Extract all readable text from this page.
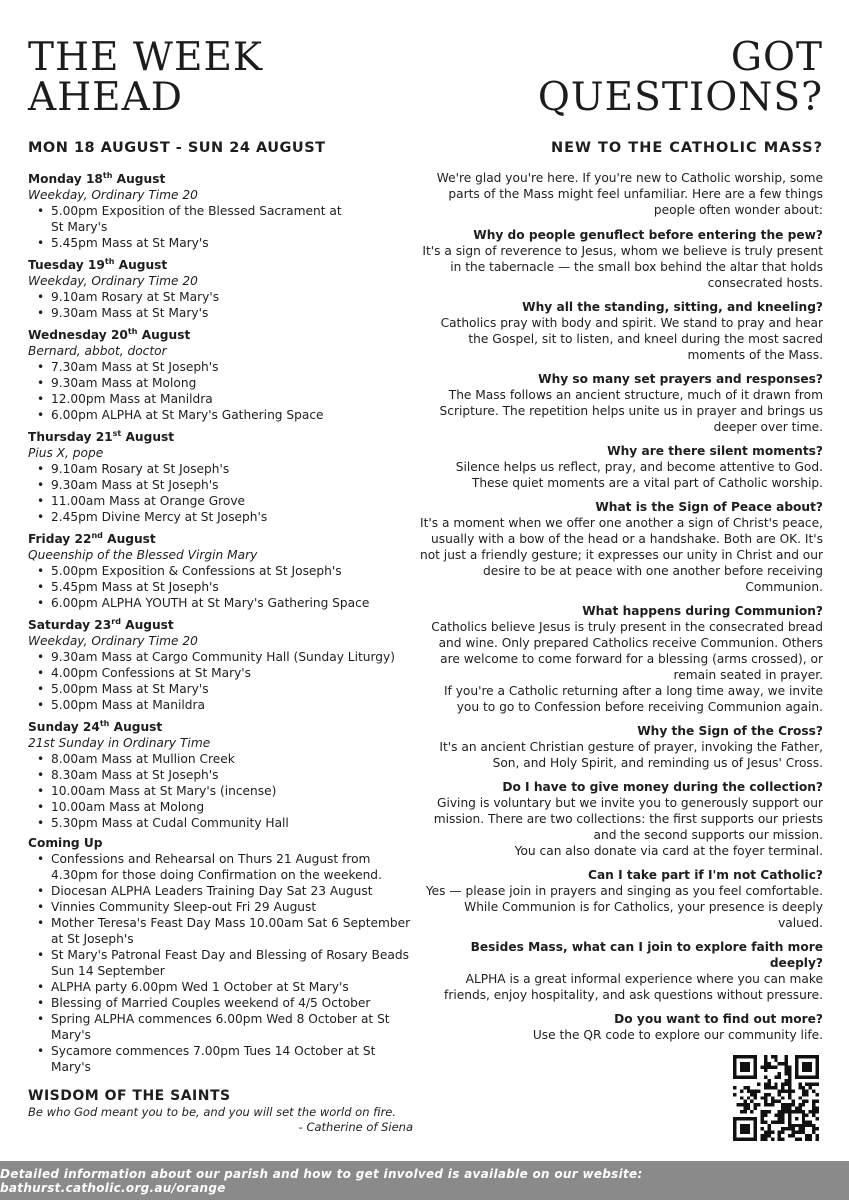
THE WEEK
AHEAD
MON 18 AUGUST - SUN 24 AUGUST
Monday 18th August
Weekday, Ordinary Time 20
• 5.00pm Exposition of the Blessed Sacrament at
St Mary's
• 5.45pm Mass at St Mary's
Tuesday 19th August
Weekday, Ordinary Time 20
• 9.10am Rosary at St Mary's
• 9.30am Mass at St Mary's
Wednesday 20th August
Bernard, abbot, doctor
• 7.30am Mass at St Joseph's
• 9.30am Mass at Molong
• 12.00pm Mass at Manildra
• 6.00pm ALPHA at St Mary's Gathering Space
Thursday 21st August
Pius X, pope
• 9.10am Rosary at St Joseph's
• 9.30am Mass at St Joseph's
• 11.00am Mass at Orange Grove
• 2.45pm Divine Mercy at St Joseph's
Friday 22nd August
Queenship of the Blessed Virgin Mary
• 5.00pm Exposition & Confessions at St Joseph's
• 5.45pm Mass at St Joseph's
• 6.00pm ALPHA YOUTH at St Mary's Gathering Space
Saturday 23rd August
Weekday, Ordinary Time 20
• 9.30am Mass at Cargo Community Hall (Sunday Liturgy)
• 4.00pm Confessions at St Mary's
• 5.00pm Mass at St Mary's
• 5.00pm Mass at Manildra
Sunday 24th August
21st Sunday in Ordinary Time
• 8.00am Mass at Mullion Creek
• 8.30am Mass at St Joseph's
• 10.00am Mass at St Mary's (incense)
• 10.00am Mass at Molong
• 5.30pm Mass at Cudal Community Hall
Coming Up
• Confessions and Rehearsal on Thurs 21 August from 4.30pm for those doing Confirmation on the weekend.
• Diocesan ALPHA Leaders Training Day Sat 23 August
• Vinnies Community Sleep-out Fri 29 August
• Mother Teresa's Feast Day Mass 10.00am Sat 6 September at St Joseph's
• St Mary's Patronal Feast Day and Blessing of Rosary Beads Sun 14 September
• ALPHA party 6.00pm Wed 1 October at St Mary's
• Blessing of Married Couples weekend of 4/5 October
• Spring ALPHA commences 6.00pm Wed 8 October at St Mary's
• Sycamore commences 7.00pm Tues 14 October at St Mary's
WISDOM OF THE SAINTS
Be who God meant you to be, and you will set the world on fire.
- Catherine of Siena
GOT
QUESTIONS?
NEW TO THE CATHOLIC MASS?
We're glad you're here. If you're new to Catholic worship, some parts of the Mass might feel unfamiliar. Here are a few things people often wonder about:
Why do people genuflect before entering the pew?
It's a sign of reverence to Jesus, whom we believe is truly present in the tabernacle — the small box behind the altar that holds consecrated hosts.
Why all the standing, sitting, and kneeling?
Catholics pray with body and spirit. We stand to pray and hear the Gospel, sit to listen, and kneel during the most sacred moments of the Mass.
Why so many set prayers and responses?
The Mass follows an ancient structure, much of it drawn from Scripture. The repetition helps unite us in prayer and brings us deeper over time.
Why are there silent moments?
Silence helps us reflect, pray, and become attentive to God. These quiet moments are a vital part of Catholic worship.
What is the Sign of Peace about?
It's a moment when we offer one another a sign of Christ's peace, usually with a bow of the head or a handshake. Both are OK. It's not just a friendly gesture; it expresses our unity in Christ and our desire to be at peace with one another before receiving Communion.
What happens during Communion?
Catholics believe Jesus is truly present in the consecrated bread and wine. Only prepared Catholics receive Communion. Others are welcome to come forward for a blessing (arms crossed), or remain seated in prayer.
If you're a Catholic returning after a long time away, we invite you to go to Confession before receiving Communion again.
Why the Sign of the Cross?
It's an ancient Christian gesture of prayer, invoking the Father, Son, and Holy Spirit, and reminding us of Jesus' Cross.
Do I have to give money during the collection?
Giving is voluntary but we invite you to generously support our mission. There are two collections: the first supports our priests and the second supports our mission.
You can also donate via card at the foyer terminal.
Can I take part if I'm not Catholic?
Yes — please join in prayers and singing as you feel comfortable. While Communion is for Catholics, your presence is deeply valued.
Besides Mass, what can I join to explore faith more deeply?
ALPHA is a great informal experience where you can make friends, enjoy hospitality, and ask questions without pressure.
Do you want to find out more?
Use the QR code to explore our community life.
Detailed information about our parish and how to get involved is available on our website: bathurst.catholic.org.au/orange
